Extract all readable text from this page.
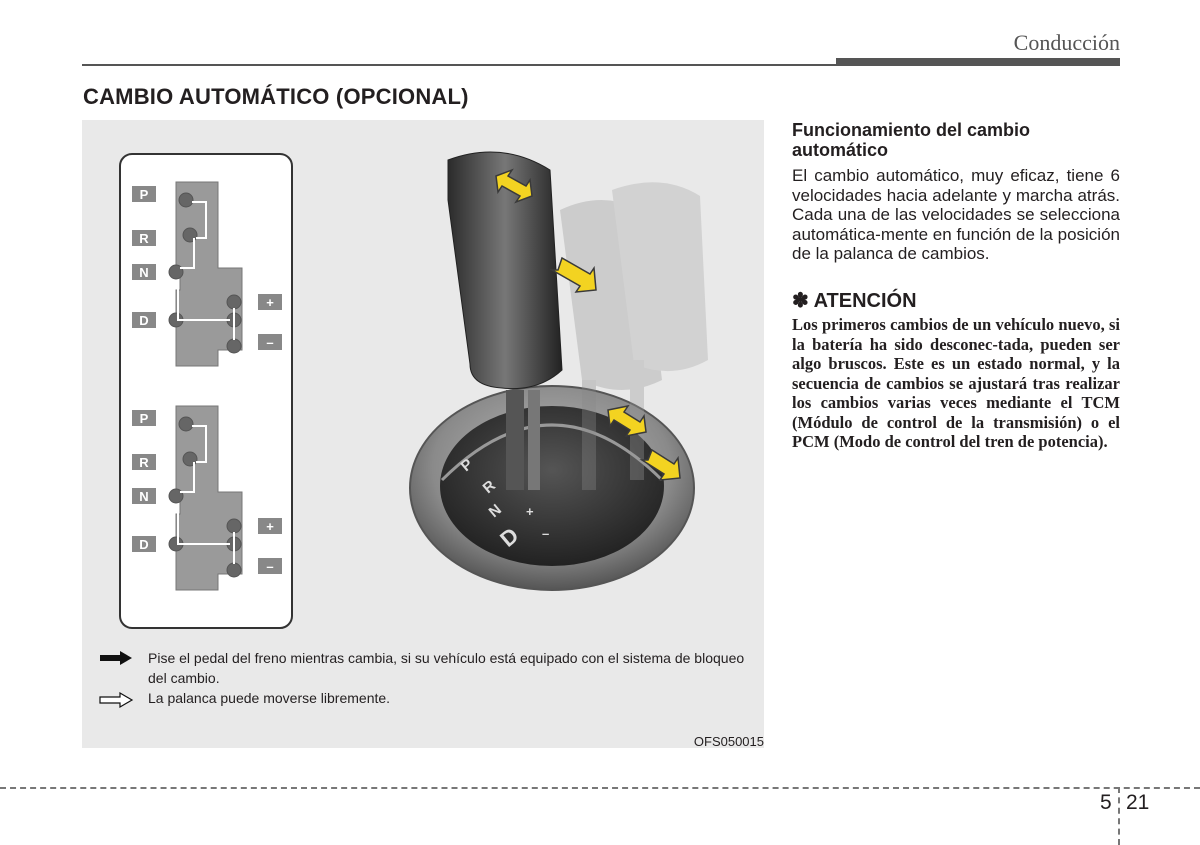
Conducción
CAMBIO AUTOMÁTICO (OPCIONAL)
P
R
N
D
+
–
P
R
N
D
+
–
P
R
N
D
+
–
Pise el pedal del freno mientras cambia, si su vehículo está equipado con el sistema de bloqueo del cambio.
La palanca puede moverse libremente.
OFS050015
Funcionamiento del cambio automático
El cambio automático, muy eficaz, tiene 6 velocidades hacia adelante y marcha atrás. Cada una de las velocidades se selecciona automática-mente en función de la posición de la palanca de cambios.
✽ ATENCIÓN
Los primeros cambios de un vehículo nuevo, si la batería ha sido desconec-tada, pueden ser algo bruscos. Este es un estado normal, y la secuencia de cambios se ajustará tras realizar los cambios varias veces mediante el TCM (Módulo de control de la transmisión) o el PCM (Modo de control del tren de potencia).
5 21
